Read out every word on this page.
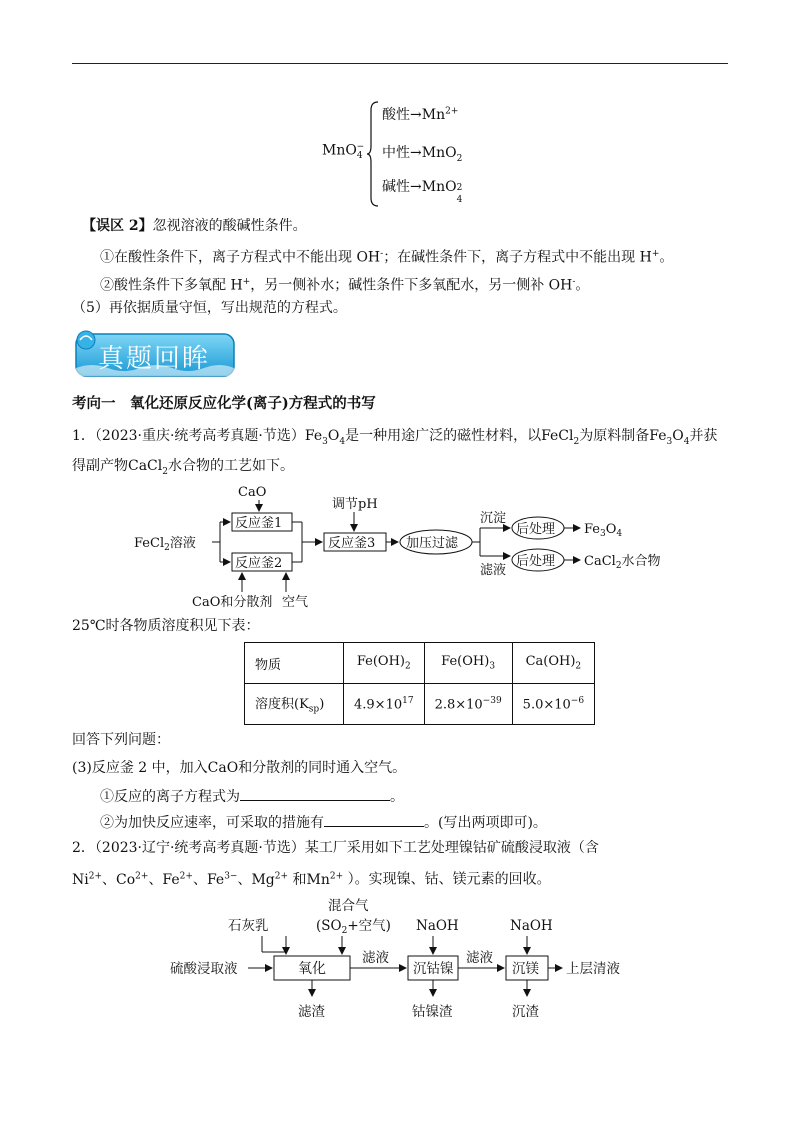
MnO$_4$−
酸性$\to Mn^{2+}$
中性→MnO$_2$
碱性→MnO 2
4
【误区 2】忽视溶液的酸碱性条件。
①在酸性条件下，离子方程式中不能出现 OH-；在碱性条件下，离子方程式中不能出现 H+。
②酸性条件下多氧配 H+，另一侧补水；碱性条件下多氧配水，另一侧补 OH-。
（5）再依据质量守恒，写出规范的方程式。
真题回眸
考向一　氧化还原反应化学(离子)方程式的书写
1．（2023·重庆·统考高考真题·节选）$Fe_3O_4$是一种用途广泛的磁性材料，以FeCl$_2$为原料制备$Fe_3O_4$并获
得副产物CaCl$_2$水合物的工艺如下。
CaO
FeCl$_2$溶液
反应釜1
反应釜2
CaO和分散剂 空气
调节pH
反应釜3 加压过滤
沉淀
滤液
后处理
后处理
$Fe_3O_4$
CaCl$_2$水合物
25℃时各物质溶度积见下表：
物质	$Fe(OH)_2$	$Fe(OH)_3$	$Ca(OH)_2$
溶度积$(K_{sp})$	$4.9\times 10^{17}$	$2.8\times 10^{-39}$	$5.0\times 10^{-6}$
回答下列问题：
(3)反应釜 2 中，加入CaO和分散剂的同时通入空气。
①反应的离子方程式为	。
②为加快反应速率，可采取的措施有	。(写出两项即可)。
2．（2023·辽宁·统考高考真题·节选）某工厂采用如下工艺处理镍钴矿硫酸浸取液（含
$Ni^{2+}$、$Co^{2+}$、$Fe^{2+}$、$Fe^{3-}$、$Mg^{2+}$ 和$Mn^{2+}$ ）。实现镍、钴、镁元素的回收。
石灰乳
混合气
($SO_2+$空气) NaOH	NaOH
硫酸浸取液	氧化	沉钴镍	沉镁
滤液	滤液
上层清液
滤渣	钴镍渣	沉渣
